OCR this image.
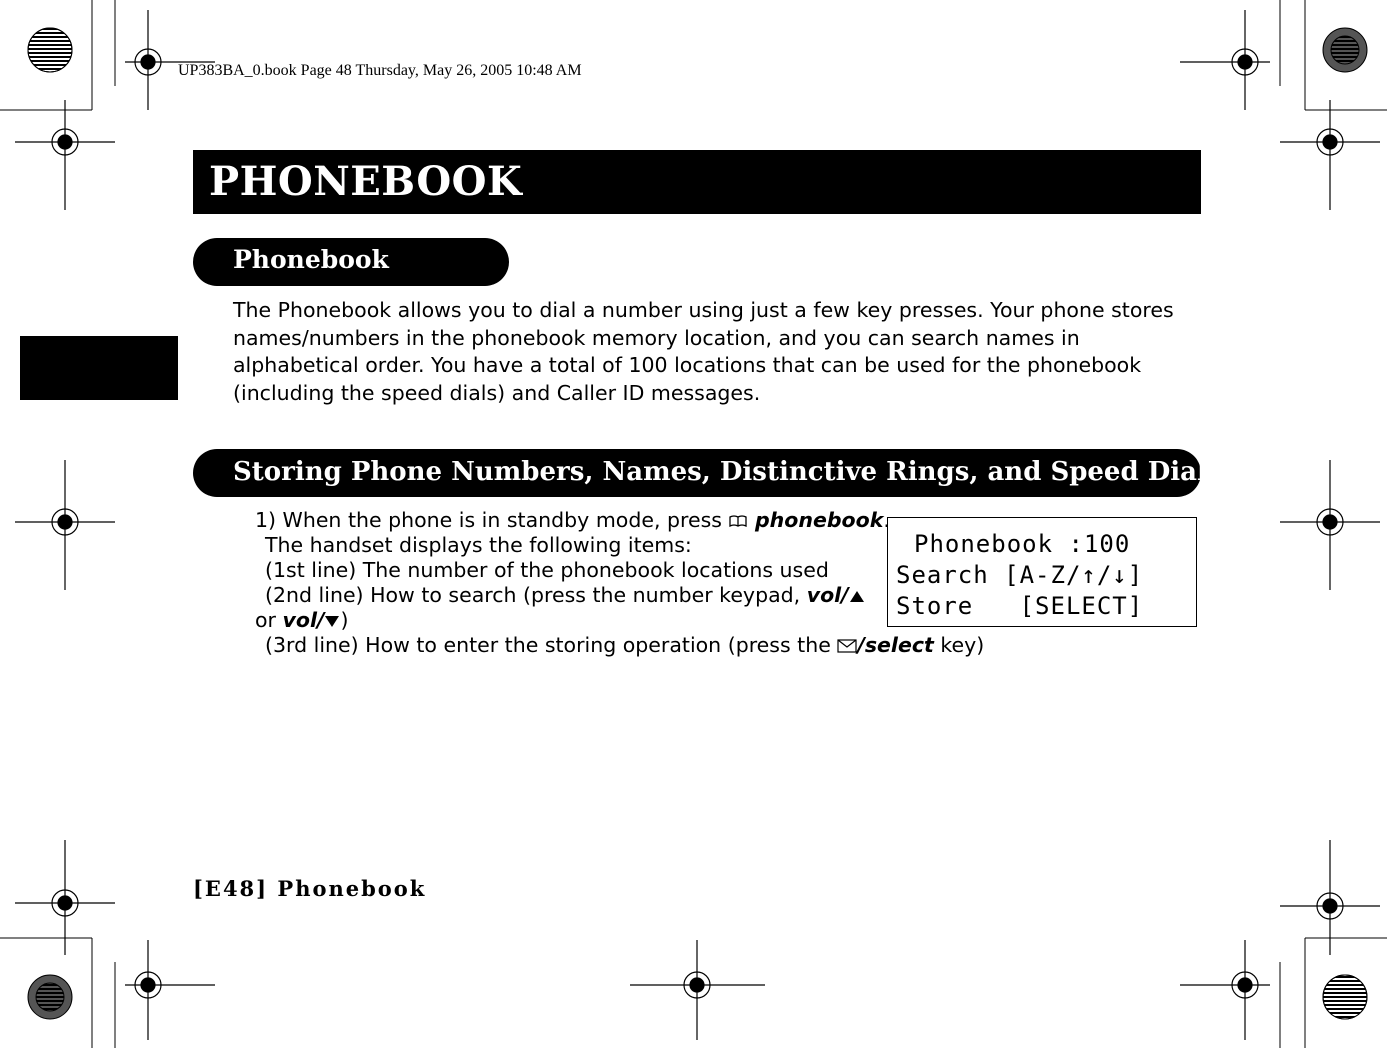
UP383BA_0.book Page 48 Thursday, May 26, 2005 10:48 AM
PHONEBOOK
Phonebook

The Phonebook allows you to dial a number using just a few key presses. Your phone stores

names/numbers in the phonebook memory location, and you can search names in

alphabetical order. You have a total of 100 locations that can be used for the phonebook

(including the speed dials) and Caller ID messages.

Storing Phone Numbers, Names, Distinctive Rings, and Speed Dial
1) When the phone is in standby mode, press  phonebook.
The handset displays the following items:
(1st line) The number of the phonebook locations used
(2nd line) How to search (press the number keypad, vol/
or vol/ )
(3rd line) How to enter the storing operation (press the /select key)
Phonebook :100
Search [A-Z/↑/↓]
Store   [SELECT]
[E48] Phonebook
